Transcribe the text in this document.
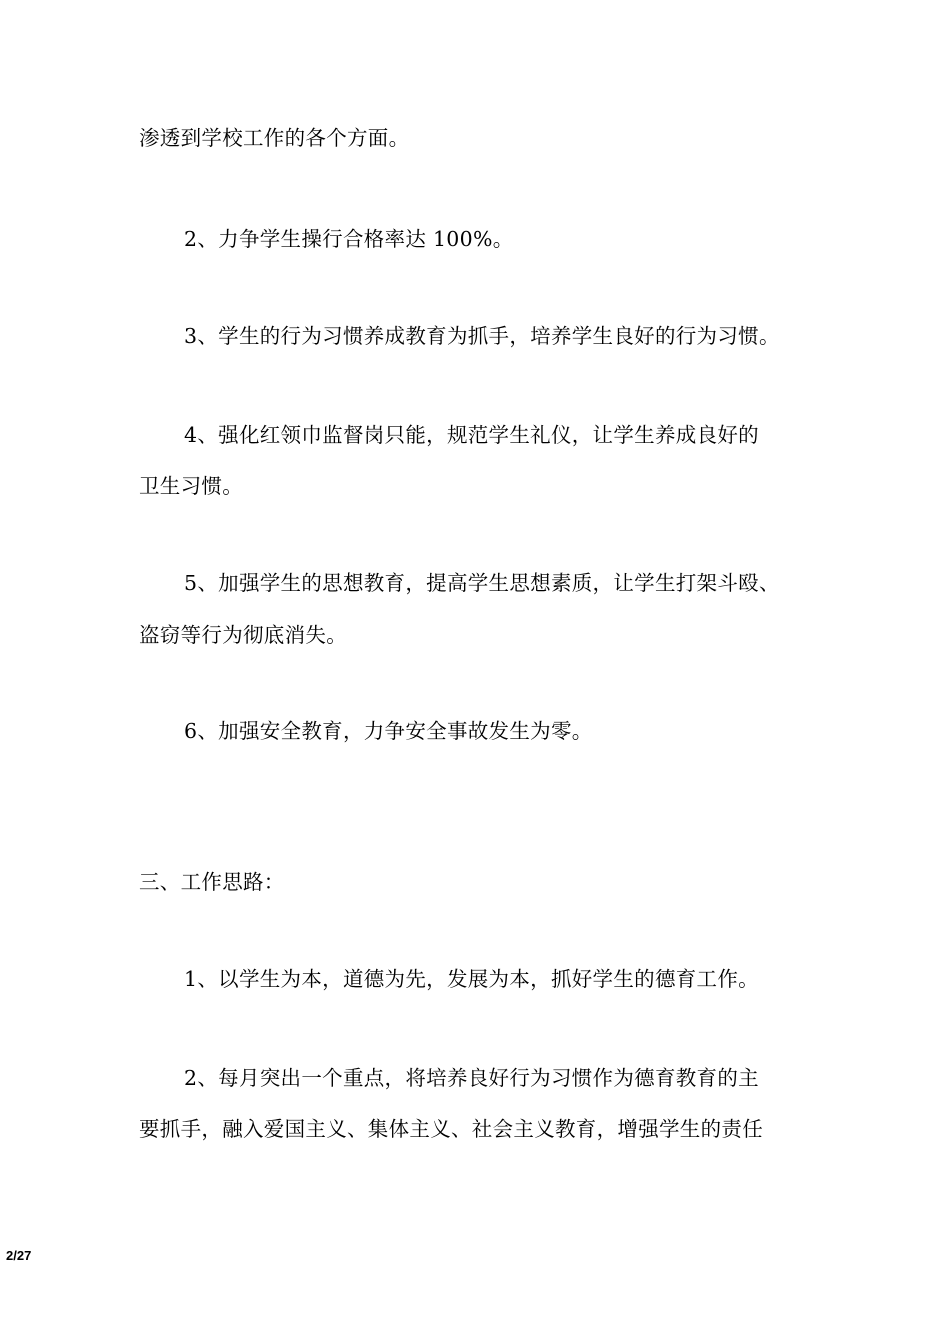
渗透到学校工作的各个方面。
2、力争学生操行合格率达 100%。
3、学生的行为习惯养成教育为抓手，培养学生良好的行为习惯。
4、强化红领巾监督岗只能，规范学生礼仪，让学生养成良好的
卫生习惯。
5、加强学生的思想教育，提高学生思想素质，让学生打架斗殴、
盗窃等行为彻底消失。
6、加强安全教育，力争安全事故发生为零。
三、工作思路：
1、以学生为本，道德为先，发展为本，抓好学生的德育工作。
2、每月突出一个重点，将培养良好行为习惯作为德育教育的主
要抓手，融入爱国主义、集体主义、社会主义教育，增强学生的责任
2/27
